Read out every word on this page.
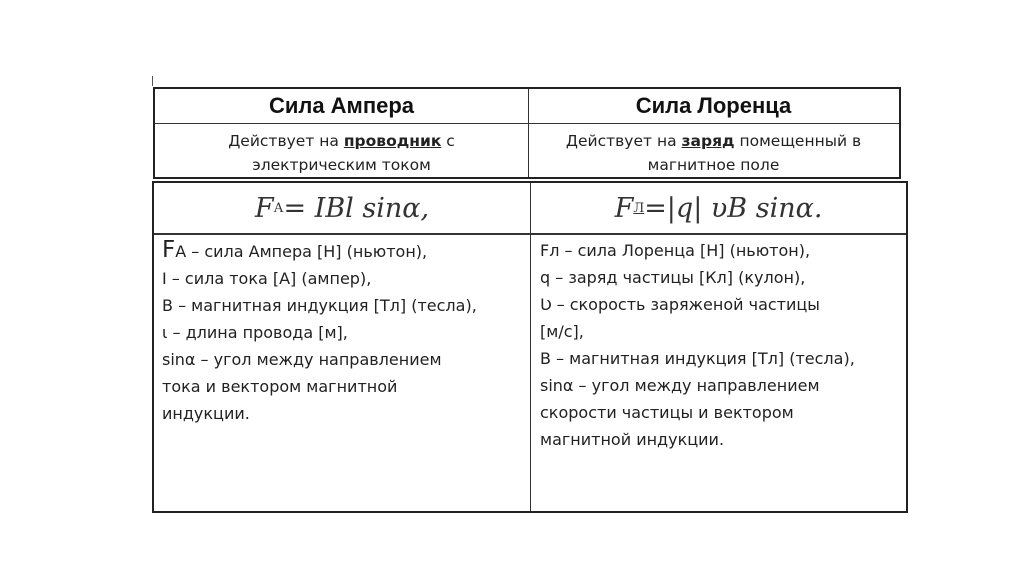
Сила Ампера	Сила Лоренца
Действует на проводник с
электрическим током
Действует на заряд помещенный в
магнитное поле
F А = IBl sinα,	F Л =|q| υB sinα.
FА – сила Ампера [Н] (ньютон),
I – сила тока [А] (ампер),
B – магнитная индукция [Тл] (тесла),
ι – длина провода [м],
sinα – угол между направлением
тока и вектором магнитной
индукции.
Fл – сила Лоренца [Н] (ньютон),
q – заряд частицы [Кл] (кулон),
Ʋ – скорость заряженой частицы
[м/с],
B – магнитная индукция [Тл] (тесла),
sinα – угол между направлением
скорости частицы и вектором
магнитной индукции.
